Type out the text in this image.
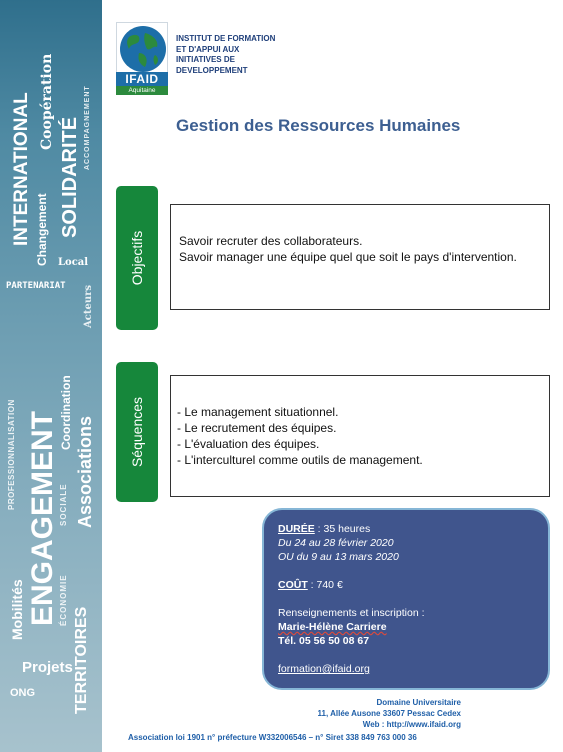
INTERNATIONAL Changement
Coopération
SOLIDARITÉ ACCOMPAGNEMENT
Local
Acteurs
PARTENARIAT
PROFESSIONNALISATION ENGAGEMENT Coordination
Associations
SOCIALE
Mobilités	ÉCONOMIE
TERRITOIRES
Projets
ONG
IFAID
Aquitaine
INSTITUT DE FORMATION
ET D'APPUI AUX
INITIATIVES DE
DEVELOPPEMENT
Gestion des Ressources Humaines
Objectifs	Savoir recruter des collaborateurs.
Savoir manager une équipe quel que soit le pays d'intervention.
Séquences	- Le management situationnel.
- Le recrutement des équipes.
- L'évaluation des équipes.
- L'interculturel comme outils de management.
DURÉE : 35 heures
Du 24 au 28 février 2020
OU du 9 au 13 mars 2020
COÛT : 740 €
Renseignements et inscription :
Marie-Hélène Carriere
Tél. 05 56 50 08 67
formation@ifaid.org
Domaine Universitaire
11, Allée Ausone 33607 Pessac Cedex
Web : http://www.ifaid.org
Association loi 1901 n° préfecture W332006546 – n° Siret 338 849 763 000 36
